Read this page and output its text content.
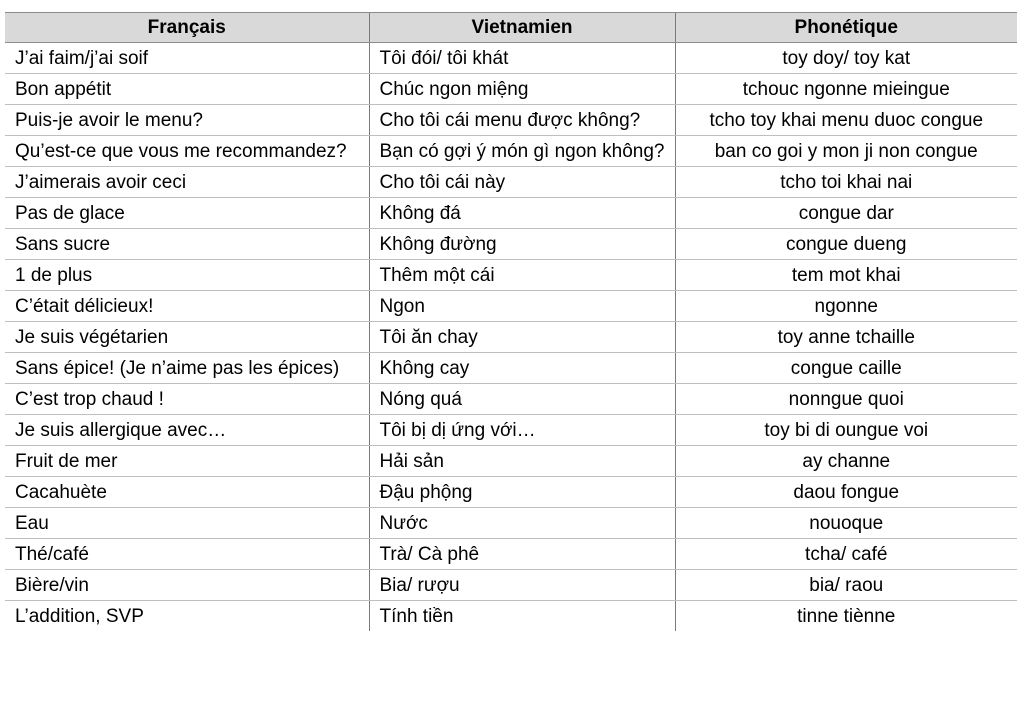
Français	Vietnamien	Phonétique
J’ai faim/j’ai soif	Tôi đói/ tôi khát	toy doy/ toy kat
Bon appétit	Chúc ngon miệng	tchouc ngonne mieingue
Puis-je avoir le menu?	Cho tôi cái menu được không?	tcho toy khai menu duoc congue
Qu’est-ce que vous me recommandez?	Bạn có gợi ý món gì ngon không?	ban co goi y mon ji non congue
J’aimerais avoir ceci	Cho tôi cái này	tcho toi khai nai
Pas de glace	Không đá	congue dar
Sans sucre	Không đường	congue dueng
1 de plus	Thêm một cái	tem mot khai
C’était délicieux!	Ngon	ngonne
Je suis végétarien	Tôi ăn chay	toy anne tchaille
Sans épice! (Je n’aime pas les épices)	Không cay	congue caille
C’est trop chaud !	Nóng quá	nonngue quoi
Je suis allergique avec…	Tôi bị dị ứng với…	toy bi di oungue voi
Fruit de mer	Hải sản	ay channe
Cacahuète	Đậu phộng	daou fongue
Eau	Nước	nouoque
Thé/café	Trà/ Cà phê	tcha/ café
Bière/vin	Bia/ rượu	bia/ raou
L’addition, SVP	Tính tiền	tinne tiènne
